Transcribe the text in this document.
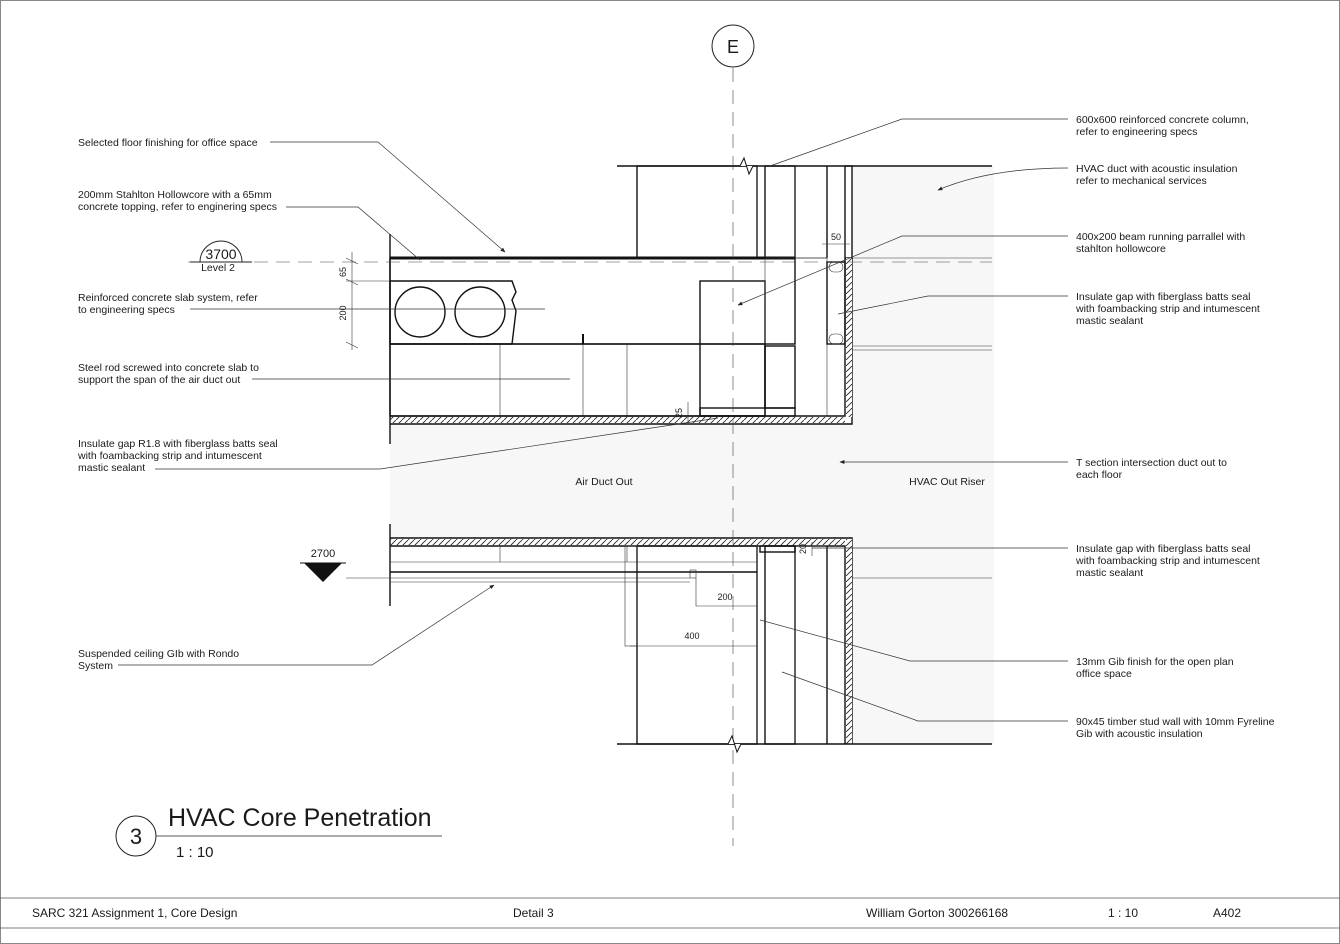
E
3700
Level 2
2700
65
200
50
25
20
200
400
Air Duct Out	HVAC Out Riser
Selected floor finishing for office space
200mm Stahlton Hollowcore with a 65mm concrete topping, refer to enginering specs
Reinforced concrete slab system, refer to engineering specs
Steel rod screwed into concrete slab to support the span of the air duct out
Insulate gap R1.8 with fiberglass batts seal with foambacking strip and intumescent mastic sealant
Suspended ceiling GIb with Rondo System
600x600 reinforced concrete column, refer to engineering specs
HVAC duct with acoustic insulation refer to mechanical services
400x200 beam running parrallel with stahlton hollowcore
Insulate gap with fiberglass batts seal with foambacking strip and intumescent mastic sealant
T section intersection duct out to each floor
Insulate gap with fiberglass batts seal with foambacking strip and intumescent mastic sealant
13mm Gib finish for the open plan office space
90x45 timber stud wall with 10mm Fyreline Gib with acoustic insulation
3
HVAC Core Penetration
1 : 10
SARC 321 Assignment 1, Core Design	Detail 3	William Gorton 300266168	1 : 10	A402
